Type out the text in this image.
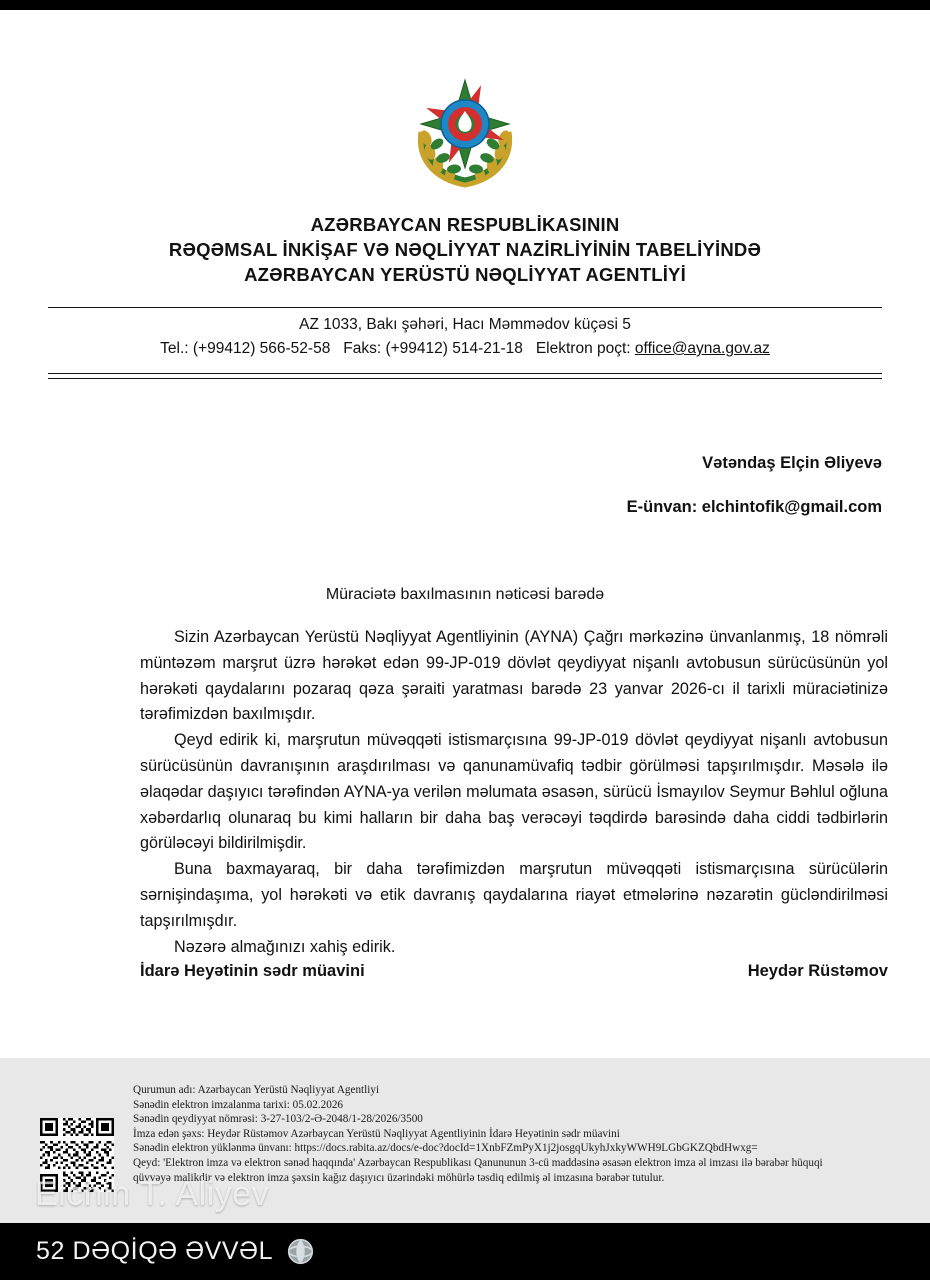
AZƏRBAYCAN RESPUBLİKASININ
RƏQƏMSAL İNKİŞAF VƏ NƏQLİYYAT NAZİRLİYİNİN TABELİYİNDƏ
AZƏRBAYCAN YERÜSTÜ NƏQLİYYAT AGENTLİYİ
AZ 1033, Bakı şəhəri, Hacı Məmmədov küçəsi 5
Tel.: (+99412) 566-52-58 Faks: (+99412) 514-21-18 Elektron poçt: office@ayna.gov.az
Vətəndaş Elçin Əliyevə
E-ünvan: elchintofik@gmail.com
Müraciətə baxılmasının nəticəsi barədə

Sizin Azərbaycan Yerüstü Nəqliyyat Agentliyinin (AYNA) Çağrı mərkəzinə ünvanlanmış, 18 nömrəli müntəzəm marşrut üzrə hərəkət edən 99-JP-019 dövlət qeydiyyat nişanlı avtobusun sürücüsünün yol hərəkəti qaydalarını pozaraq qəza şəraiti yaratması barədə 23 yanvar 2026-cı il tarixli müraciətinizə tərəfimizdən baxılmışdır.

Qeyd edirik ki, marşrutun müvəqqəti istismarçısına 99-JP-019 dövlət qeydiyyat nişanlı avtobusun sürücüsünün davranışının araşdırılması və qanunamüvafiq tədbir görülməsi tapşırılmışdır. Məsələ ilə əlaqədar daşıyıcı tərəfindən AYNA-ya verilən məlumata əsasən, sürücü İsmayılov Seymur Bəhlul oğluna xəbərdarlıq olunaraq bu kimi halların bir daha baş verəcəyi təqdirdə barəsində daha ciddi tədbirlərin görüləcəyi bildirilmişdir.

Buna baxmayaraq, bir daha tərəfimizdən marşrutun müvəqqəti istismarçısına sürücülərin sərnişindaşıma, yol hərəkəti və etik davranış qaydalarına riayət etmələrinə nəzarətin gücləndirilməsi tapşırılmışdır.

Nəzərə almağınızı xahiş edirik.

İdarə Heyətinin sədr müavini	Heydər Rüstəmov
Qurumun adı: Azərbaycan Yerüstü Nəqliyyat Agentliyi
Sənədin elektron imzalanma tarixi: 05.02.2026
Sənədin qeydiyyat nömrəsi: 3-27-103/2-Ə-2048/1-28/2026/3500
İmza edən şəxs: Heydər Rüstəmov Azərbaycan Yerüstü Nəqliyyat Agentliyinin İdarə Heyətinin sədr müavini
Sənədin elektron yüklənmə ünvanı: https://docs.rabita.az/docs/e-doc?docId=1XnbFZmPyX1j2josgqUkyhJxkyWWH9LGbGKZQbdHwxg=
Qeyd: 'Elektron imza və elektron sənəd haqqında' Azərbaycan Respublikası Qanununun 3-cü maddəsinə əsasən elektron imza əl imzası ilə bərabər hüquqi qüvvəyə malikdir və elektron imza şəxsin kağız daşıyıcı üzərindəki möhürlə təsdiq edilmiş əl imzasına bərabər tutulur.
Elchin T. Aliyev
52 DƏQİQƏ ƏVVƏL
